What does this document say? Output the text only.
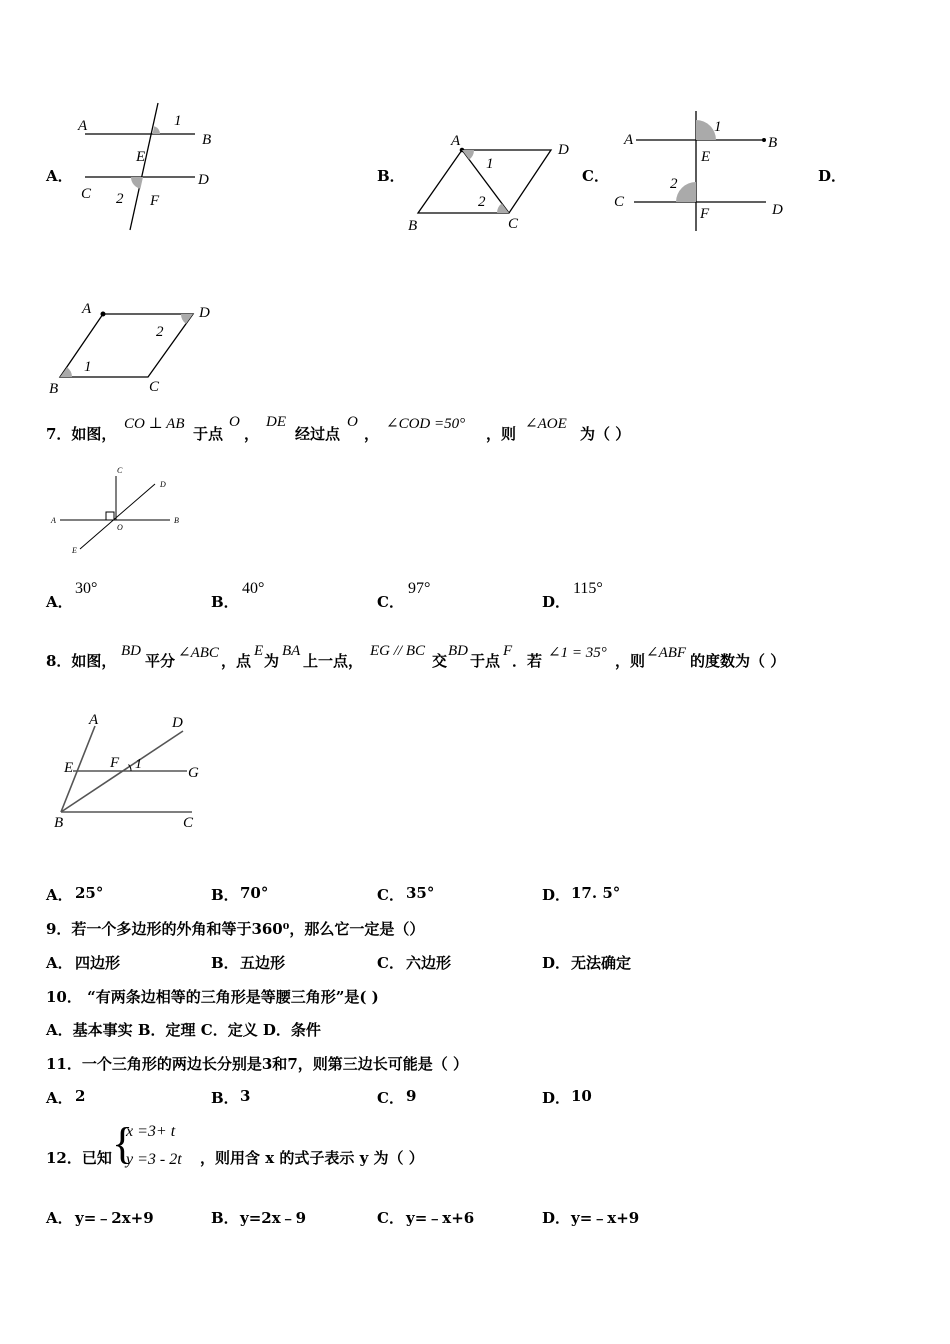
A．
A
B
C
D
E
F
1
2
B．
A
D
B	C
1
2
C．
A	B
C	D
E
F
1
2	D．
A	D
B	C
1
2
7．如图，
CO ⊥ AB
于点
O
，
DE
经过点
O
，
∠COD =50°
，则
∠AOE
为（ ）
A	B
C
D
E
O
A．
30°
B．
40°
C．
97°
D．
115°
8．如图，
BD
平分 ∠ABC ，点
E
为
BA
上一点，
EG // BC
交
BD
于点
F
．若 ∠1 = 35° ，则 ∠ABF 的度数为（ ）
A	D
E F
G
B	C
1
A． 25°	B． 70°	C． 35°	D． 17. 5°
9．若一个多边形的外角和等于360⁰，那么它一定是（）
A． 四边形	B． 五边形	C． 六边形	D． 无法确定
10． “有两条边相等的三角形是等腰三角形”是( )
A．基本事实 B．定理 C．定义 D．条件
11．一个三角形的两边长分别是3和7，则第三边长可能是（ ）
A． 2	B． 3	C． 9	D． 10
12．已知 {
x =3+ t
y =3 - 2t ，则用含 x 的式子表示 y 为（ ）
A． y=﹣2x+9	B． y=2x﹣9	C． y=﹣x+6	D． y=﹣x+9
